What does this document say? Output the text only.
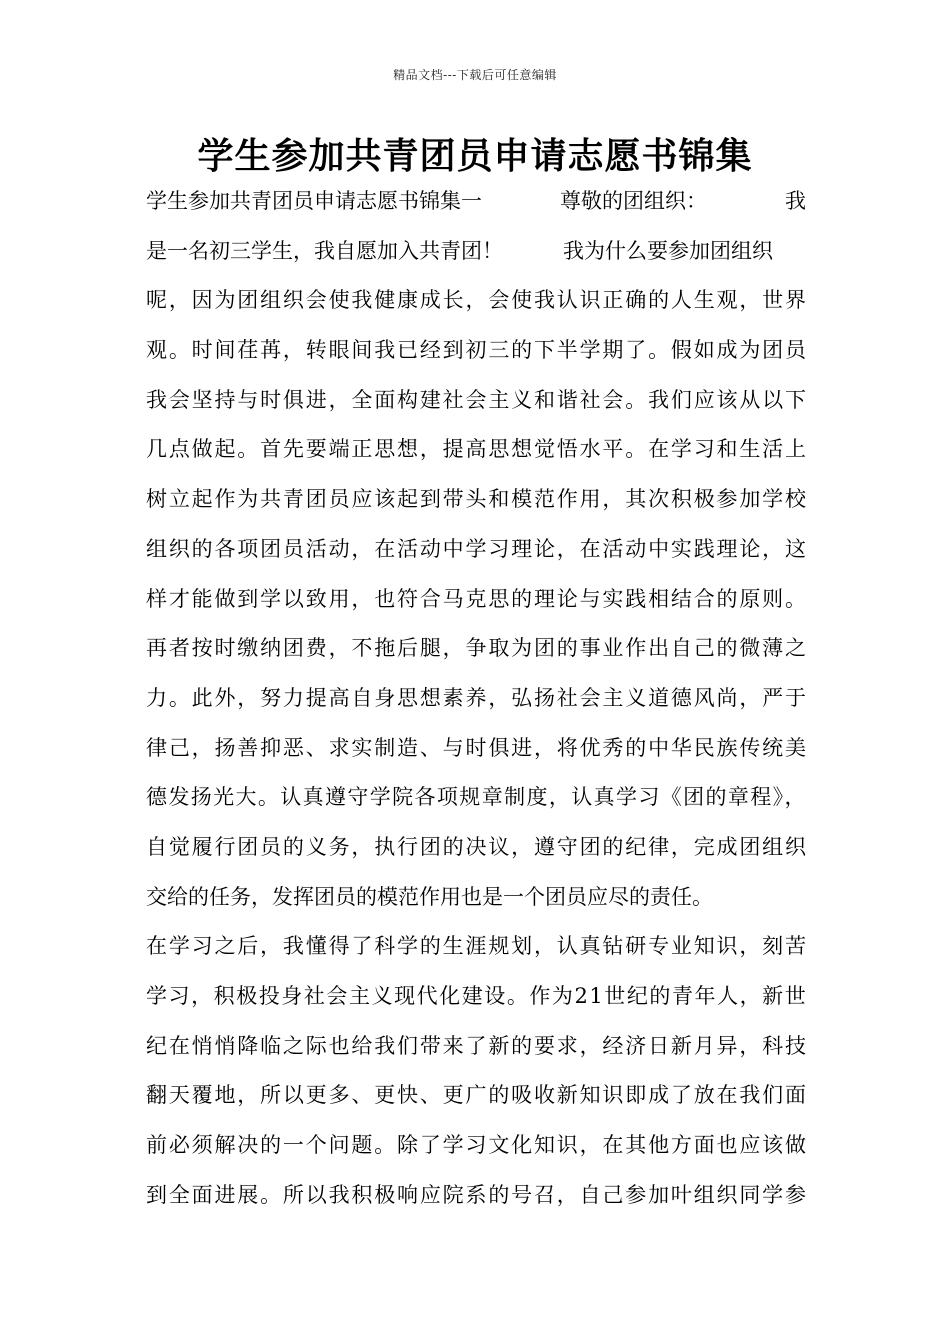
精品文档---下载后可任意编辑
学生参加共青团员申请志愿书锦集
学生参加共青团员申请志愿书锦集一	尊敬的团组织：	我
是一名初三学生，我自愿加入共青团！	我为什么要参加团组织
呢，因为团组织会使我健康成长，会使我认识正确的人生观，世界
观。时间荏苒，转眼间我已经到初三的下半学期了。假如成为团员
我会坚持与时俱进，全面构建社会主义和谐社会。我们应该从以下
几点做起。首先要端正思想，提高思想觉悟水平。在学习和生活上
树立起作为共青团员应该起到带头和模范作用，其次积极参加学校
组织的各项团员活动，在活动中学习理论，在活动中实践理论，这
样才能做到学以致用，也符合马克思的理论与实践相结合的原则。
再者按时缴纳团费，不拖后腿，争取为团的事业作出自己的微薄之
力。此外，努力提高自身思想素养，弘扬社会主义道德风尚，严于
律己，扬善抑恶、求实制造、与时俱进，将优秀的中华民族传统美
德发扬光大。认真遵守学院各项规章制度，认真学习《团的章程》，
自觉履行团员的义务，执行团的决议，遵守团的纪律，完成团组织
交给的任务，发挥团员的模范作用也是一个团员应尽的责任。
在学习之后，我懂得了科学的生涯规划，认真钻研专业知识，刻苦
学习，积极投身社会主义现代化建设。作为21世纪的青年人，新世
纪在悄悄降临之际也给我们带来了新的要求，经济日新月异，科技
翻天覆地，所以更多、更快、更广的吸收新知识即成了放在我们面
前必须解决的一个问题。除了学习文化知识，在其他方面也应该做
到全面进展。所以我积极响应院系的号召，自己参加叶组织同学参
